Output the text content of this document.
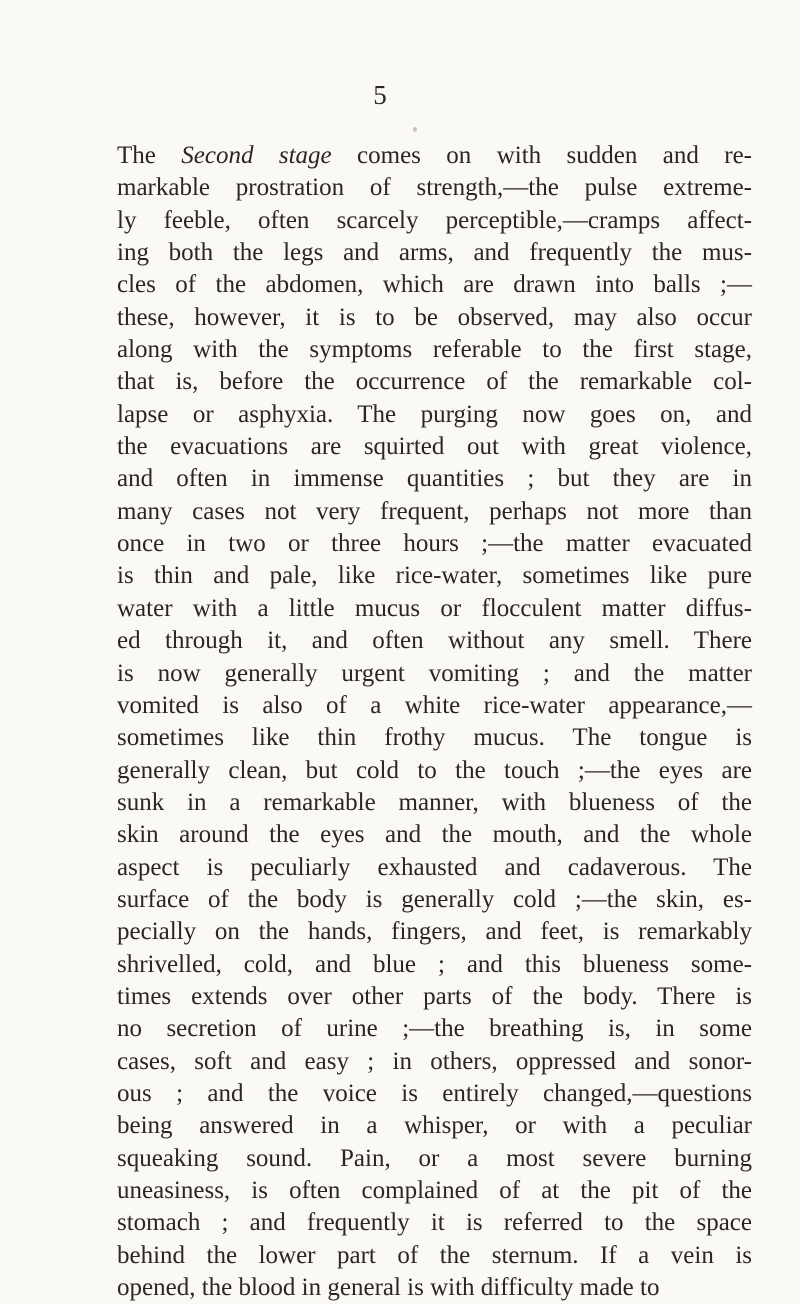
5
The Second stage comes on with sudden and re-
markable prostration of strength,—the pulse extreme-
ly feeble, often scarcely perceptible,—cramps affect-
ing both the legs and arms, and frequently the mus-
cles of the abdomen, which are drawn into balls ;—
these, however, it is to be observed, may also occur
along with the symptoms referable to the first stage,
that is, before the occurrence of the remarkable col-
lapse or asphyxia. The purging now goes on, and
the evacuations are squirted out with great violence,
and often in immense quantities ; but they are in
many cases not very frequent, perhaps not more than
once in two or three hours ;—the matter evacuated
is thin and pale, like rice-water, sometimes like pure
water with a little mucus or flocculent matter diffus-
ed through it, and often without any smell. There
is now generally urgent vomiting ; and the matter
vomited is also of a white rice-water appearance,—
sometimes like thin frothy mucus. The tongue is
generally clean, but cold to the touch ;—the eyes are
sunk in a remarkable manner, with blueness of the
skin around the eyes and the mouth, and the whole
aspect is peculiarly exhausted and cadaverous. The
surface of the body is generally cold ;—the skin, es-
pecially on the hands, fingers, and feet, is remarkably
shrivelled, cold, and blue ; and this blueness some-
times extends over other parts of the body. There is
no secretion of urine ;—the breathing is, in some
cases, soft and easy ; in others, oppressed and sonor-
ous ; and the voice is entirely changed,—questions
being answered in a whisper, or with a peculiar
squeaking sound. Pain, or a most severe burning
uneasiness, is often complained of at the pit of the
stomach ; and frequently it is referred to the space
behind the lower part of the sternum. If a vein is
opened, the blood in general is with difficulty made to
